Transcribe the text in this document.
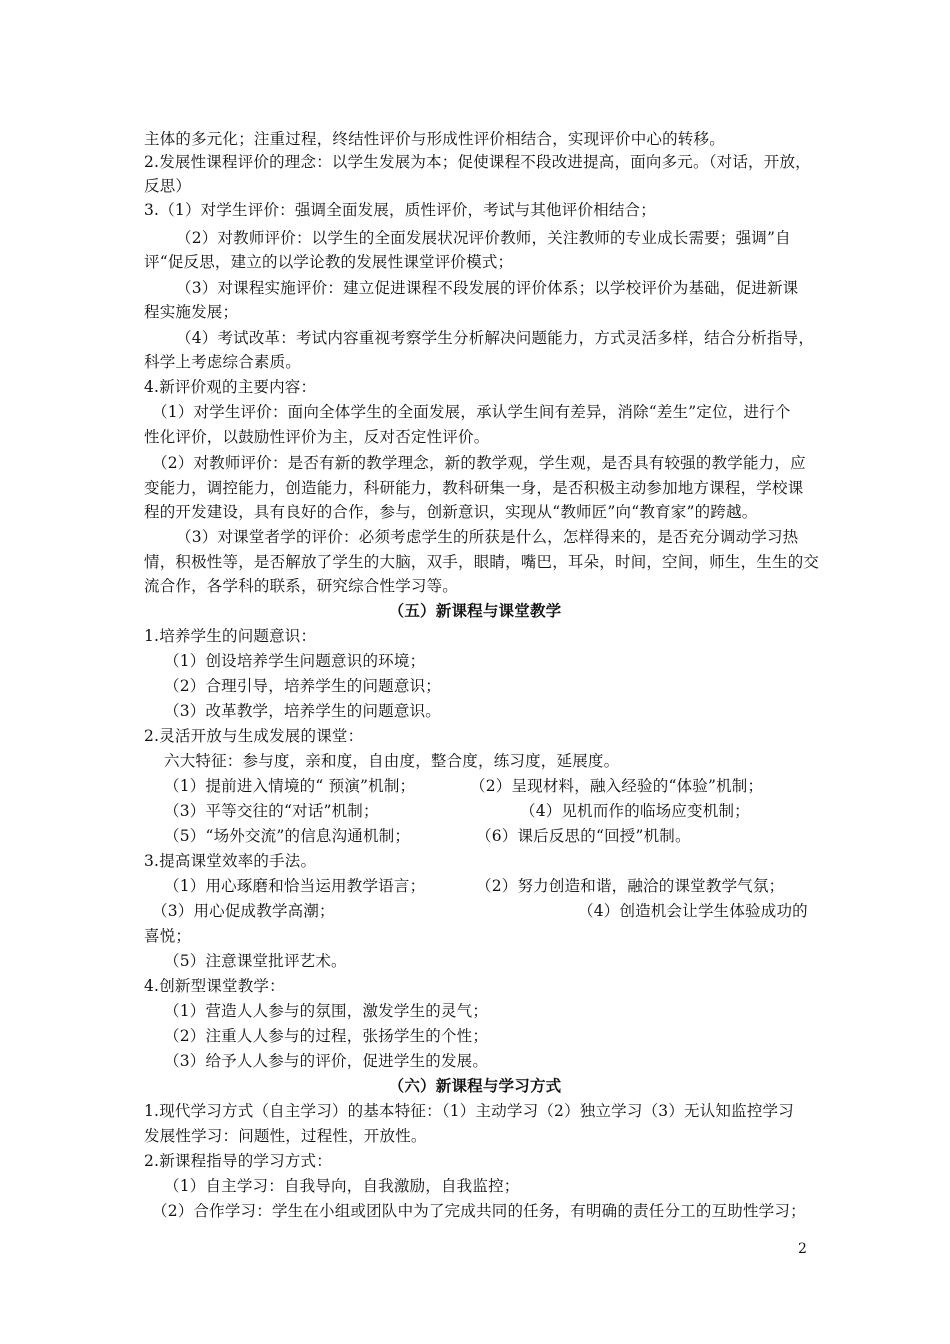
主体的多元化；注重过程，终结性评价与形成性评价相结合，实现评价中心的转移。
2.发展性课程评价的理念：以学生发展为本；促使课程不段改进提高，面向多元。（对话，开放，
反思）
3.（1）对学生评价：强调全面发展，质性评价，考试与其他评价相结合；
（2）对教师评价：以学生的全面发展状况评价教师，关注教师的专业成长需要；强调”自
评“促反思，建立的以学论教的发展性课堂评价模式；
（3）对课程实施评价：建立促进课程不段发展的评价体系；以学校评价为基础，促进新课
程实施发展；
（4）考试改革：考试内容重视考察学生分析解决问题能力，方式灵活多样，结合分析指导，
科学上考虑综合素质。
4.新评价观的主要内容：
（1）对学生评价：面向全体学生的全面发展，承认学生间有差异，消除“差生”定位，进行个
性化评价，以鼓励性评价为主，反对否定性评价。
（2）对教师评价：是否有新的教学理念，新的教学观，学生观，是否具有较强的教学能力，应
变能力，调控能力，创造能力，科研能力，教科研集一身，是否积极主动参加地方课程，学校课
程的开发建设，具有良好的合作，参与，创新意识，实现从“教师匠”向“教育家”的跨越。
（3）对课堂者学的评价：必须考虑学生的所获是什么，怎样得来的，是否充分调动学习热
情，积极性等，是否解放了学生的大脑，双手，眼睛，嘴巴，耳朵，时间，空间，师生，生生的交
流合作，各学科的联系，研究综合性学习等。
（五）新课程与课堂教学
1.培养学生的问题意识：
（1）创设培养学生问题意识的环境；
（2）合理引导，培养学生的问题意识；
（3）改革教学，培养学生的问题意识。
2.灵活开放与生成发展的课堂：
六大特征：参与度，亲和度，自由度，整合度，练习度，延展度。
（1）提前进入情境的“ 预演”机制；	（2）呈现材料，融入经验的“体验”机制；
（3）平等交往的“对话”机制；	（4）见机而作的临场应变机制；
（5）“场外交流”的信息沟通机制；	（6）课后反思的“回授”机制。
3.提高课堂效率的手法。
（1）用心琢磨和恰当运用教学语言；	（2）努力创造和谐，融洽的课堂教学气氛；
（3）用心促成教学高潮；	（4）创造机会让学生体验成功的
喜悦；
（5）注意课堂批评艺术。
4.创新型课堂教学：
（1）营造人人参与的氛围，激发学生的灵气；
（2）注重人人参与的过程，张扬学生的个性；
（3）给予人人参与的评价，促进学生的发展。
（六）新课程与学习方式
1.现代学习方式（自主学习）的基本特征：（1）主动学习（2）独立学习（3）无认知监控学习
发展性学习：问题性，过程性，开放性。
2.新课程指导的学习方式：
（1）自主学习：自我导向，自我激励，自我监控；
（2）合作学习：学生在小组或团队中为了完成共同的任务，有明确的责任分工的互助性学习；
2
